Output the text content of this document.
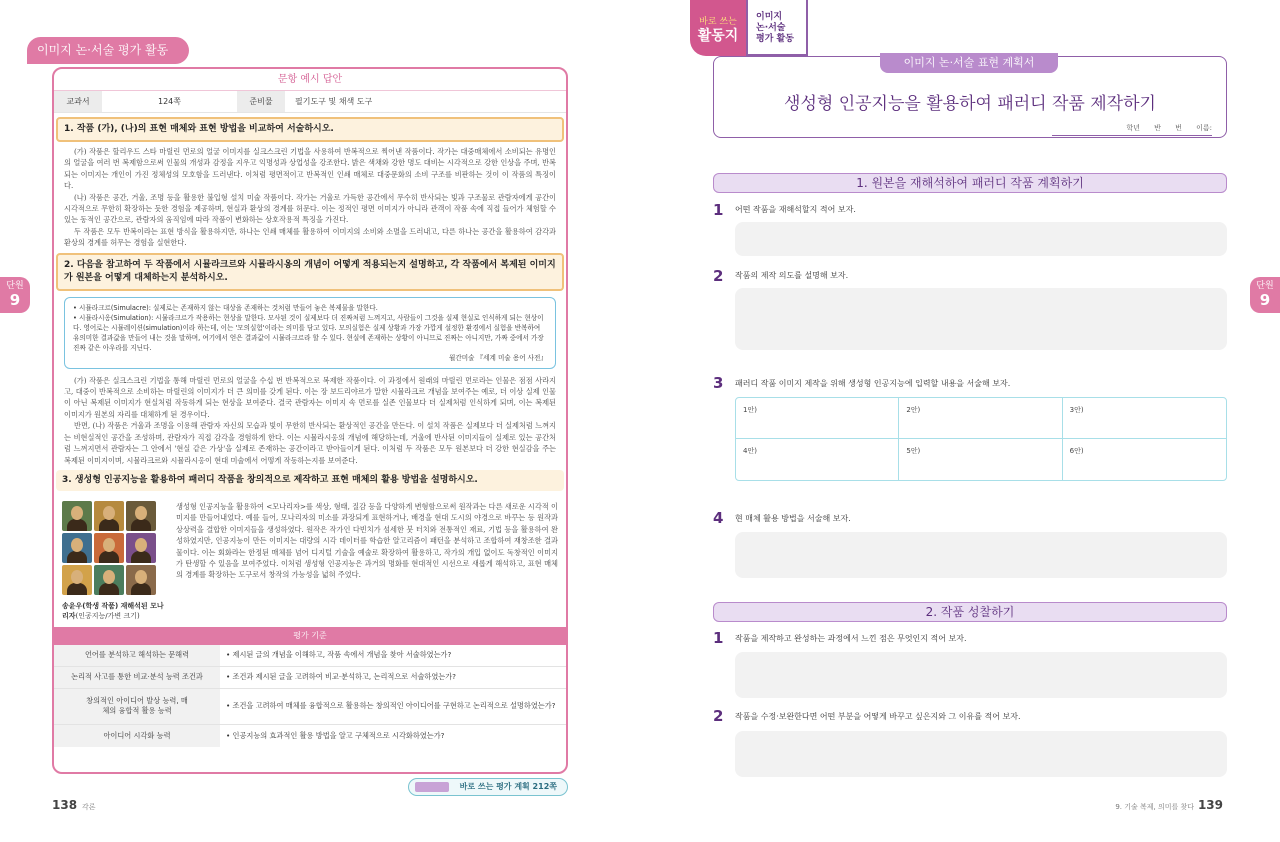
이미지 논·서술 평가 활동
단원
9
문항 예시 답안
교과서	124쪽	준비물	필기도구 및 채색 도구
1. 작품 (가), (나)의 표현 매체와 표현 방법을 비교하여 서술하시오.

(가) 작품은 할리우드 스타 마릴린 먼로의 얼굴 이미지를 실크스크린 기법을 사용하여 반복적으로 찍어낸 작품이다. 작가는 대중매체에서 소비되는 유명인의 얼굴을 여러 번 복제함으로써 인물의 개성과 감정을 지우고 익명성과 상업성을 강조한다. 밝은 색채와 강한 명도 대비는 시각적으로 강한 인상을 주며, 반복되는 이미지는 개인이 가진 정체성의 모호함을 드러낸다. 이처럼 평면적이고 반복적인 인쇄 매체로 대중문화의 소비 구조를 비판하는 것이 이 작품의 특징이다.

(나) 작품은 공간, 거울, 조명 등을 활용한 불입형 설치 미술 작품이다. 작가는 거울로 가득한 공간에서 무수히 반사되는 빛과 구조물로 관람자에게 공간이 시각적으로 무한히 확장하는 듯한 경험을 제공하며, 현실과 환상의 경계를 허문다. 이는 정적인 평면 이미지가 아니라 관객이 작품 속에 직접 들어가 체험할 수 있는 동적인 공간으로, 관람자의 움직임에 따라 작품이 변화하는 상호작용적 특징을 가진다.

두 작품은 모두 반복이라는 표현 방식을 활용하지만, 하나는 인쇄 매체를 활용하여 이미지의 소비와 소멸을 드러내고, 다른 하나는 공간을 활용하여 감각과 환상의 경계를 허무는 경험을 실현한다.

2. 다음을 참고하여 두 작품에서 시뮬라크르와 시뮬라시옹의 개념이 어떻게 적용되는지 설명하고, 각 작품에서 복제된 이미지가 원본을 어떻게 대체하는지 분석하시오.
• 시뮬라크르(Simulacre): 실제로는 존재하지 않는 대상을 존재하는 것처럼 만들어 놓은 복제물을 말한다.
• 시뮬라시옹(Simulation): 시뮬라크르가 작용하는 현상을 말한다. 모사된 것이 실제보다 더 진짜처럼 느껴지고, 사람들이 그것을 실제 현실로 인식하게 되는 현상이다. 영어로는 시뮬레이션(simulation)이라 하는데, 이는 '모의실험'이라는 의미를 담고 있다. 모의실험은 실제 상황과 가장 가깝게 설정한 환경에서 실험을 반복하여 유의미한 결과값을 만들어 내는 것을 말하며, 여기에서 얻은 결과값이 시뮬라크르라 할 수 있다. 현실에 존재하는 상황이 아니므로 진짜는 아니지만, 가짜 중에서 가장 진짜 같은 아우라를 지닌다.
월간미술 『세계 미술 용어 사전』

(가) 작품은 실크스크린 기법을 통해 마릴린 먼로의 얼굴을 수십 번 반복적으로 복제한 작품이다. 이 과정에서 원래의 마릴린 먼로라는 인물은 점점 사라지고, 대중이 반복적으로 소비하는 마릴린의 이미지가 더 큰 의미를 갖게 된다. 이는 장 보드리야르가 말한 시뮬라크르 개념을 보여주는 예로, 더 이상 실제 인물이 아닌 복제된 이미지가 현실처럼 작동하게 되는 현상을 보여준다. 결국 관람자는 이미지 속 먼로를 실존 인물보다 더 실제처럼 인식하게 되며, 이는 복제된 이미지가 원본의 자리를 대체하게 된 경우이다.

반면, (나) 작품은 거울과 조명을 이용해 관람자 자신의 모습과 빛이 무한히 반사되는 환상적인 공간을 만든다. 이 설치 작품은 실제보다 더 실제처럼 느껴지는 비현실적인 공간을 조성하며, 관람자가 직접 감각을 경험하게 한다. 이는 시뮬라시옹의 개념에 해당하는데, 거울에 반사된 이미지들이 실제로 있는 공간처럼 느껴지면서 관람자는 그 안에서 '현실 같은 가상'을 실제로 존재하는 공간이라고 받아들이게 된다. 이처럼 두 작품은 모두 원본보다 더 강한 현실감을 주는 복제된 이미지이며, 시뮬라크르와 시뮬라시옹이 현대 미술에서 어떻게 작동하는지를 보여준다.

3. 생성형 인공지능을 활용하여 패러디 작품을 창의적으로 제작하고 표현 매체의 활용 방법을 설명하시오.
송윤우(학생 작품) 재해석된 모나리자(인공지능/가변 크기)
생성형 인공지능을 활용하여 <모나리자>를 색상, 형태, 질감 등을 다양하게 변형함으로써 원작과는 다른 새로운 시각적 이미지를 만들어내었다. 예를 들어, 모나리자의 미소를 과장되게 표현하거나, 배경을 현대 도시의 야경으로 바꾸는 등 원작과 상상력을 결합한 이미지들을 생성하였다. 원작은 작가인 다빈치가 섬세한 붓 터치와 전통적인 재료, 기법 등을 활용하여 완성하였지만, 인공지능이 만든 이미지는 대량의 시각 데이터를 학습한 알고리즘이 패턴을 분석하고 조합하여 재창조한 결과물이다. 이는 회화라는 한정된 매체를 넘어 디지털 기술을 예술로 확장하여 활용하고, 작가의 개입 없이도 독창적인 이미지가 탄생할 수 있음을 보여주었다. 이처럼 생성형 인공지능은 과거의 명화를 현대적인 시선으로 새롭게 해석하고, 표현 매체의 경계를 확장하는 도구로서 창작의 가능성을 넓혀 주었다.
평가 기준
언어를 분석하고 해석하는 문해력	• 제시된 글의 개념을 이해하고, 작품 속에서 개념을 찾아 서술하였는가?
논리적 사고를 통한 비교·분석 능력 조건과	• 조건과 제시된 글을 고려하여 비교·분석하고, 논리적으로 서술하였는가?
창의적인 아이디어 발상 능력, 매체의 융합적 활용 능력
• 조건을 고려하여 매체를 융합적으로 활용하는 창의적인 아이디어를 구현하고 논리적으로 설명하였는가?
아이디어 시각화 능력	• 인공지능의 효과적인 활용 방법을 알고 구체적으로 시각화하였는가?
바로 쓰는 평가 계획 212쪽
138 각론
바로 쓰는
활동지
이미지
논·서술
평가 활동
이미지 논·서술 표현 계획서
생성형 인공지능을 활용하여 패러디 작품 제작하기
학년 반 번 이름:
1. 원본을 재해석하여 패러디 작품 계획하기
1 어떤 작품을 재해석할지 적어 보자.
2 작품의 제작 의도를 설명해 보자.
3 패러디 작품 이미지 제작을 위해 생성형 인공지능에 입력할 내용을 서술해 보자.
1안)	2안)	3안)
4안)	5안)	6안)
4 현 매체 활용 방법을 서술해 보자.
2. 작품 성찰하기
1 작품을 제작하고 완성하는 과정에서 느낀 점은 무엇인지 적어 보자.
2 작품을 수정·보완한다면 어떤 부분을 어떻게 바꾸고 싶은지와 그 이유를 적어 보자.
9. 기술 복제, 의미를 찾다 139
단원
9
